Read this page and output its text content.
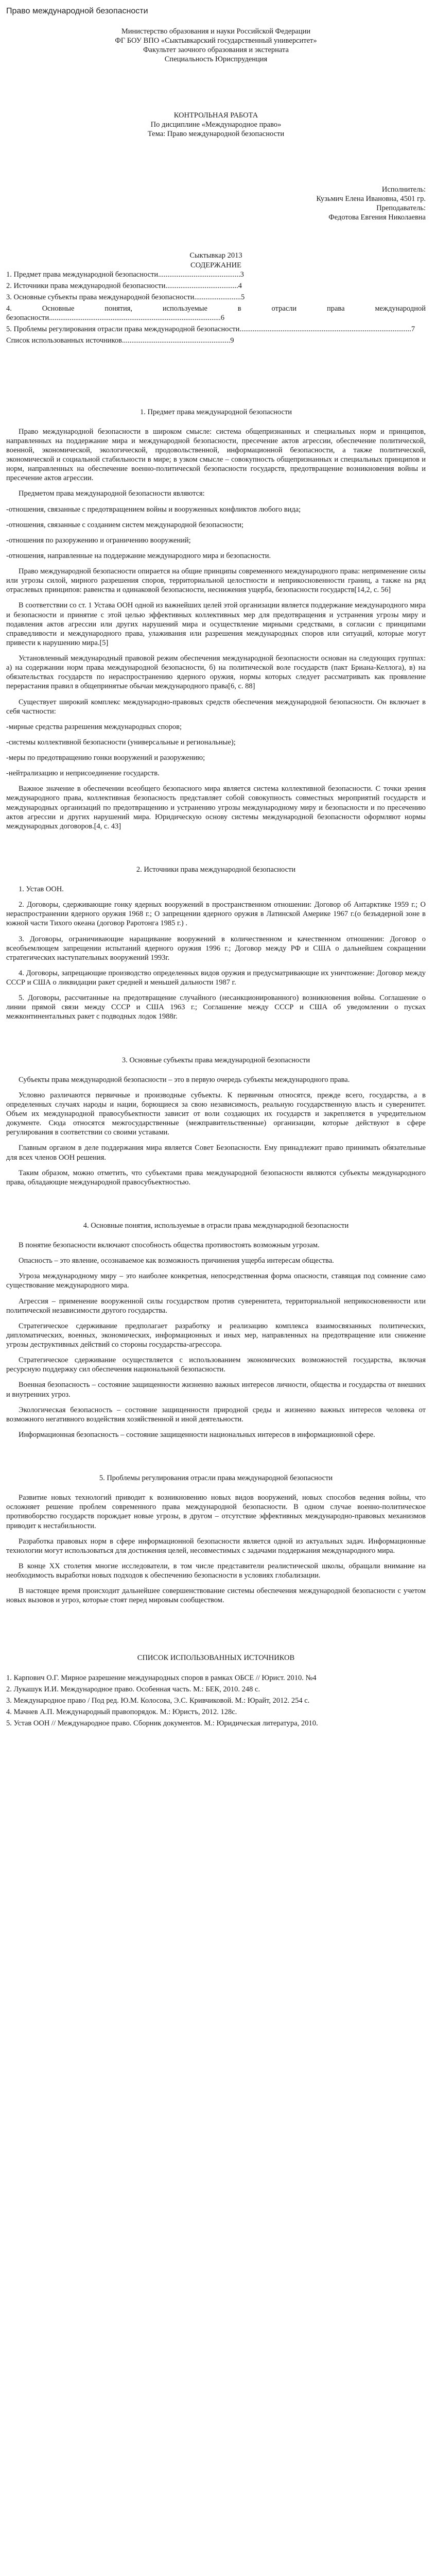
Право международной безопасности

Министерство образования и науки Российской Федерации

ФГ БОУ ВПО «Сыктывкарский государственный университет»

Факультет заочного образования и экстерната

Специальность Юриспруденция

КОНТРОЛЬНАЯ РАБОТА

По дисциплине «Международное право»

Тема: Право международной безопасности

Исполнитель:

Кузьмич Елена Ивановна, 4501 гр.

Преподаватель:

Федотова Евгения Николаевна

Сыктывкар 2013

СОДЕРЖАНИЕ

1. Предмет права международной безопасности............................................3

2. Источники права международной безопасности.......................................4

3. Основные субъекты права международной безопасности.........................5

4. Основные понятия, используемые в отрасли права международной безопасности............................................................................................6

5. Проблемы регулирования отрасли права международной безопасности............................................................................................7

Список использованных источников..........................................................9

1. Предмет права международной безопасности

Право международной безопасности в широком смысле: система общепризнанных и специальных норм и принципов, направленных на поддержание мира и международной безопасности, пресечение актов агрессии, обеспечение политической, военной, экономической, экологической, продовольственной, информационной безопасности, а также политической, экономической и социальной стабильности в мире; в узком смысле – совокупность общепризнанных и специальных принципов и норм, направленных на обеспечение военно-политической безопасности государств, предотвращение возникновения войны и пресечение актов агрессии.

Предметом права международной безопасности являются:

-отношения, связанные с предотвращением войны и вооруженных конфликтов любого вида;

-отношения, связанные с созданием систем международной безопасности;

-отношения по разоружению и ограничению вооружений;

-отношения, направленные на поддержание международного мира и безопасности.

Право международной безопасности опирается на общие принципы современного международного права: неприменение силы или угрозы силой, мирного разрешения споров, территориальной целостности и неприкосновенности границ, а также на ряд отраслевых принципов: равенства и одинаковой безопасности, неснижения ущерба, безопасности государств[14,2, с. 56]

В соответствии со ст. 1 Устава ООН одной из важнейших целей этой организации является поддержание международного мира и безопасности и принятие с этой целью эффективных коллективных мер для предотвращения и устранения угрозы миру и подавления актов агрессии или других нарушений мира и осуществление мирными средствами, в согласии с принципами справедливости и международного права, улаживания или разрешения международных споров или ситуаций, которые могут привести к нарушению мира.[5]

Установленный международный правовой режим обеспечения международной безопасности основан на следующих группах: а) на содержании норм права международной безопасности, б) на политической воле государств (пакт Бриана-Келлога), в) на обязательствах государств по нераспространению ядерного оружия, нормы которых следует рассматривать как проявление перерастания правил в общепринятые обычаи международного права[6, с. 88]

Существует широкий комплекс международно-правовых средств обеспечения международной безопасности. Он включает в себя частности:

-мирные средства разрешения международных споров;

-системы коллективной безопасности (универсальные и региональные);

-меры по предотвращению гонки вооружений и разоружению;

-нейтрализацию и неприсоединение государств.

Важное значение в обеспечении всеобщего безопасного мира является система коллективной безопасности. С точки зрения международного права, коллективная безопасность представляет собой совокупность совместных мероприятий государств и международных организаций по предотвращению и устранению угрозы международному миру и безопасности и по пресечению актов агрессии и других нарушений мира. Юридическую основу системы международной безопасности оформляют нормы международных договоров.[4, с. 43]

2. Источники права международной безопасности

1. Устав ООН.

2. Договоры, сдерживающие гонку ядерных вооружений в пространственном отношении: Договор об Антарктике 1959 г.; О нераспространении ядерного оружия 1968 г.; О запрещении ядерного оружия в Латинской Америке 1967 г.(о безъядерной зоне в южной части Тихого океана (договор Раротонга 1985 г.) .

3. Договоры, ограничивающие наращивание вооружений в количественном и качественном отношении: Договор о всеобъемлющем запрещении испытаний ядерного оружия 1996 г.; Договор между РФ и США о дальнейшем сокращении стратегических наступательных вооружений 1993г.

4. Договоры, запрещающие производство определенных видов оружия и предусматривающие их уничтожение: Договор между СССР и США о ликвидации ракет средней и меньшей дальности 1987 г.

5. Договоры, рассчитанные на предотвращение случайного (несанкционированного) возникновения войны. Соглашение о линии прямой связи между СССР и США 1963 г.; Соглашение между СССР и США об уведомлении о пусках межконтинентальных ракет с подводных лодок 1988г.

3. Основные субъекты права международной безопасности

Субъекты права международной безопасности – это в первую очередь субъекты международного права.

Условно различаются первичные и производные субъекты. К первичным относятся, прежде всего, государства, а в определенных случаях народы и нации, борющиеся за свою независимость, реальную государственную власть и суверенитет. Объем их международной правосубъектности зависит от воли создающих их государств и закрепляется в учредительном документе. Сюда относятся межгосударственные (межправительственные) организации, которые действуют в сфере регулирования в соответствии со своими уставами.

Главным органом в деле поддержания мира является Совет Безопасности. Ему принадлежит право принимать обязательные для всех членов ООН решения.

Таким образом, можно отметить, что субъектами права международной безопасности являются субъекты международного права, обладающие международной правосубъектностью.

4. Основные понятия, используемые в отрасли права международной безопасности

В понятие безопасности включают способность общества противостоять возможным угрозам.

Опасность – это явление, осознаваемое как возможность причинения ущерба интересам общества.

Угроза международному миру – это наиболее конкретная, непосредственная форма опасности, ставящая под сомнение само существование международного мира.

Агрессия – применение вооруженной силы государством против суверенитета, территориальной неприкосновенности или политической независимости другого государства.

Стратегическое сдерживание предполагает разработку и реализацию комплекса взаимосвязанных политических, дипломатических, военных, экономических, информационных и иных мер, направленных на предотвращение или снижение угрозы деструктивных действий со стороны государства-агрессора.

Стратегическое сдерживание осуществляется с использованием экономических возможностей государства, включая ресурсную поддержку сил обеспечения национальной безопасности.

Военная безопасность – состояние защищенности жизненно важных интересов личности, общества и государства от внешних и внутренних угроз.

Экологическая безопасность – состояние защищенности природной среды и жизненно важных интересов человека от возможного негативного воздействия хозяйственной и иной деятельности.

Информационная безопасность – состояние защищенности национальных интересов в информационной сфере.

5. Проблемы регулирования отрасли права международной безопасности

Развитие новых технологий приводит к возникновению новых видов вооружений, новых способов ведения войны, что осложняет решение проблем современного права международной безопасности. В одном случае военно-политическое противоборство государств порождает новые угрозы, в другом – отсутствие эффективных международно-правовых механизмов приводит к нестабильности.

Разработка правовых норм в сфере информационной безопасности является одной из актуальных задач. Информационные технологии могут использоваться для достижения целей, несовместимых с задачами поддержания международного мира.

В конце XX столетия многие исследователи, в том числе представители реалистической школы, обращали внимание на необходимость выработки новых подходов к обеспечению безопасности в условиях глобализации.

В настоящее время происходит дальнейшее совершенствование системы обеспечения международной безопасности с учетом новых вызовов и угроз, которые стоят перед мировым сообществом.

СПИСОК ИСПОЛЬЗОВАННЫХ ИСТОЧНИКОВ

1. Карпович О.Г. Мирное разрешение международных споров в рамках ОБСЕ // Юрист. 2010. №4

2. Лукашук И.И. Международное право. Особенная часть. М.: БЕК, 2010. 248 с.

3. Международное право / Под ред. Ю.М. Колосова, Э.С. Кривчиковой. М.: Юрайт, 2012. 254 с.

4. Мачнев А.П. Международный правопорядок. М.: Юристъ, 2012. 128с.

5. Устав ООН // Международное право. Сборник документов. М.: Юридическая литература, 2010.
